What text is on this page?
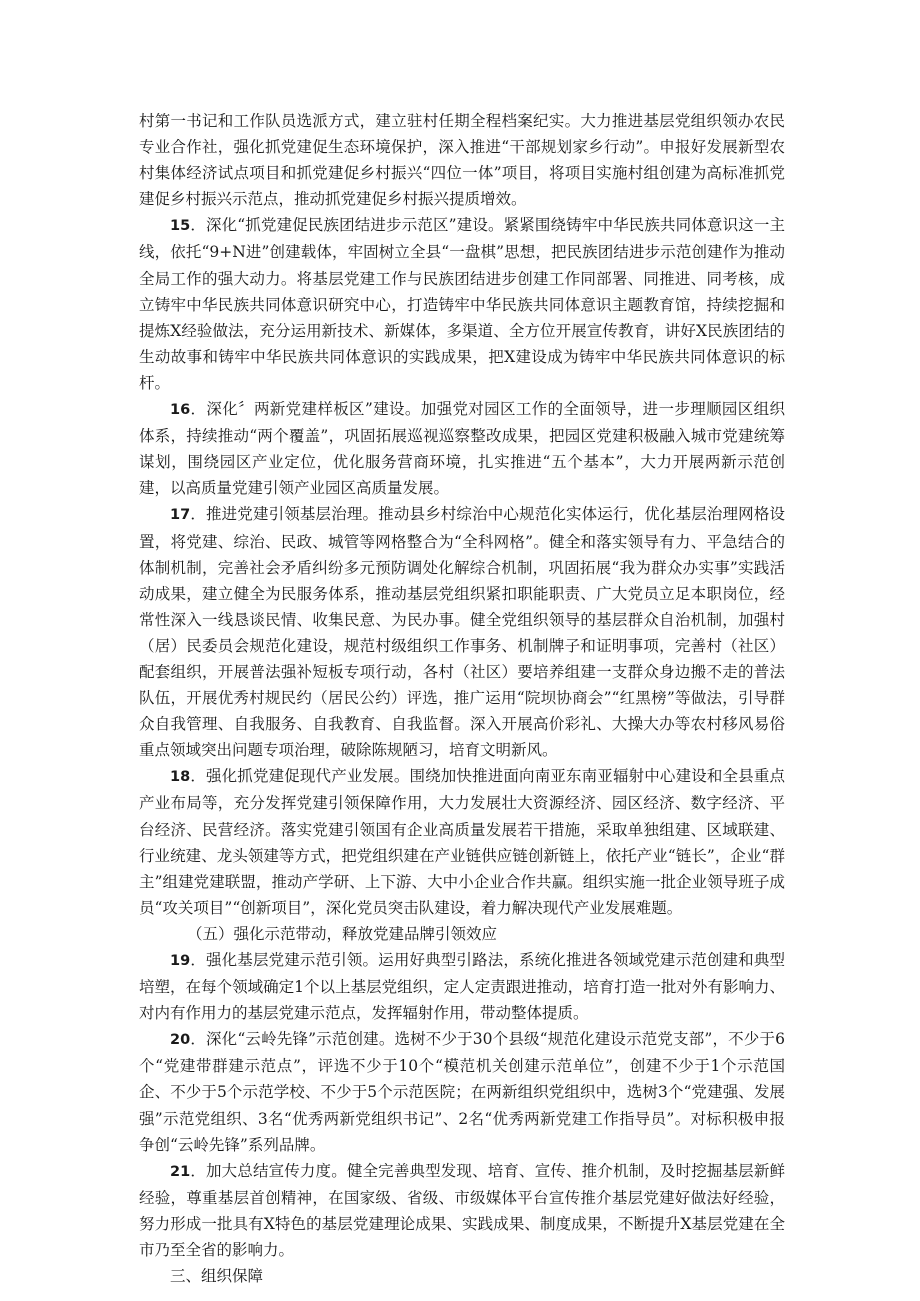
村第一书记和工作队员选派方式，建立驻村任期全程档案纪实。大力推进基层党组织领办农民专业合作社，强化抓党建促生态环境保护，深入推进“干部规划家乡行动”。申报好发展新型农村集体经济试点项目和抓党建促乡村振兴“四位一体”项目，将项目实施村组创建为高标准抓党建促乡村振兴示范点，推动抓党建促乡村振兴提质增效。

15．深化“抓党建促民族团结进步示范区”建设。紧紧围绕铸牢中华民族共同体意识这一主线，依托“9+N进”创建载体，牢固树立全县“一盘棋”思想，把民族团结进步示范创建作为推动全局工作的强大动力。将基层党建工作与民族团结进步创建工作同部署、同推进、同考核，成立铸牢中华民族共同体意识研究中心，打造铸牢中华民族共同体意识主题教育馆，持续挖掘和提炼X经验做法，充分运用新技术、新媒体，多渠道、全方位开展宣传教育，讲好X民族团结的生动故事和铸牢中华民族共同体意识的实践成果，把X建设成为铸牢中华民族共同体意识的标杆。

16．深化〞两新党建样板区”建设。加强党对园区工作的全面领导，进一步理顺园区组织体系，持续推动“两个覆盖”，巩固拓展巡视巡察整改成果，把园区党建积极融入城市党建统筹谋划，围绕园区产业定位，优化服务营商环境，扎实推进“五个基本”，大力开展两新示范创建，以高质量党建引领产业园区高质量发展。

17．推进党建引领基层治理。推动县乡村综治中心规范化实体运行，优化基层治理网格设置，将党建、综治、民政、城管等网格整合为“全科网格”。健全和落实领导有力、平急结合的体制机制，完善社会矛盾纠纷多元预防调处化解综合机制，巩固拓展“我为群众办实事”实践活动成果，建立健全为民服务体系，推动基层党组织紧扣职能职责、广大党员立足本职岗位，经常性深入一线恳谈民情、收集民意、为民办事。健全党组织领导的基层群众自治机制，加强村（居）民委员会规范化建设，规范村级组织工作事务、机制牌子和证明事项，完善村（社区）配套组织，开展普法强补短板专项行动，各村（社区）要培养组建一支群众身边搬不走的普法队伍，开展优秀村规民约（居民公约）评选，推广运用“院坝协商会”“红黑榜”等做法，引导群众自我管理、自我服务、自我教育、自我监督。深入开展高价彩礼、大操大办等农村移风易俗重点领域突出问题专项治理，破除陈规陋习，培育文明新风。

18．强化抓党建促现代产业发展。围绕加快推进面向南亚东南亚辐射中心建设和全县重点产业布局等，充分发挥党建引领保障作用，大力发展壮大资源经济、园区经济、数字经济、平台经济、民营经济。落实党建引领国有企业高质量发展若干措施，采取单独组建、区域联建、行业统建、龙头领建等方式，把党组织建在产业链供应链创新链上，依托产业“链长”，企业“群主”组建党建联盟，推动产学研、上下游、大中小企业合作共赢。组织实施一批企业领导班子成员“攻关项目”“创新项目”，深化党员突击队建设，着力解决现代产业发展难题。

（五）强化示范带动，释放党建品牌引领效应

19．强化基层党建示范引领。运用好典型引路法，系统化推进各领域党建示范创建和典型培塑，在每个领域确定1个以上基层党组织，定人定责跟进推动，培育打造一批对外有影响力、对内有作用力的基层党建示范点，发挥辐射作用，带动整体提质。

20．深化“云岭先锋”示范创建。选树不少于30个县级“规范化建设示范党支部”，不少于6个“党建带群建示范点”，评选不少于10个“模范机关创建示范单位”，创建不少于1个示范国企、不少于5个示范学校、不少于5个示范医院；在两新组织党组织中，选树3个“党建强、发展强”示范党组织、3名“优秀两新党组织书记”、2名“优秀两新党建工作指导员”。对标积极申报争创“云岭先锋”系列品牌。

21．加大总结宣传力度。健全完善典型发现、培育、宣传、推介机制，及时挖掘基层新鲜经验，尊重基层首创精神，在国家级、省级、市级媒体平台宣传推介基层党建好做法好经验，努力形成一批具有X特色的基层党建理论成果、实践成果、制度成果，不断提升X基层党建在全市乃至全省的影响力。

三、组织保障
